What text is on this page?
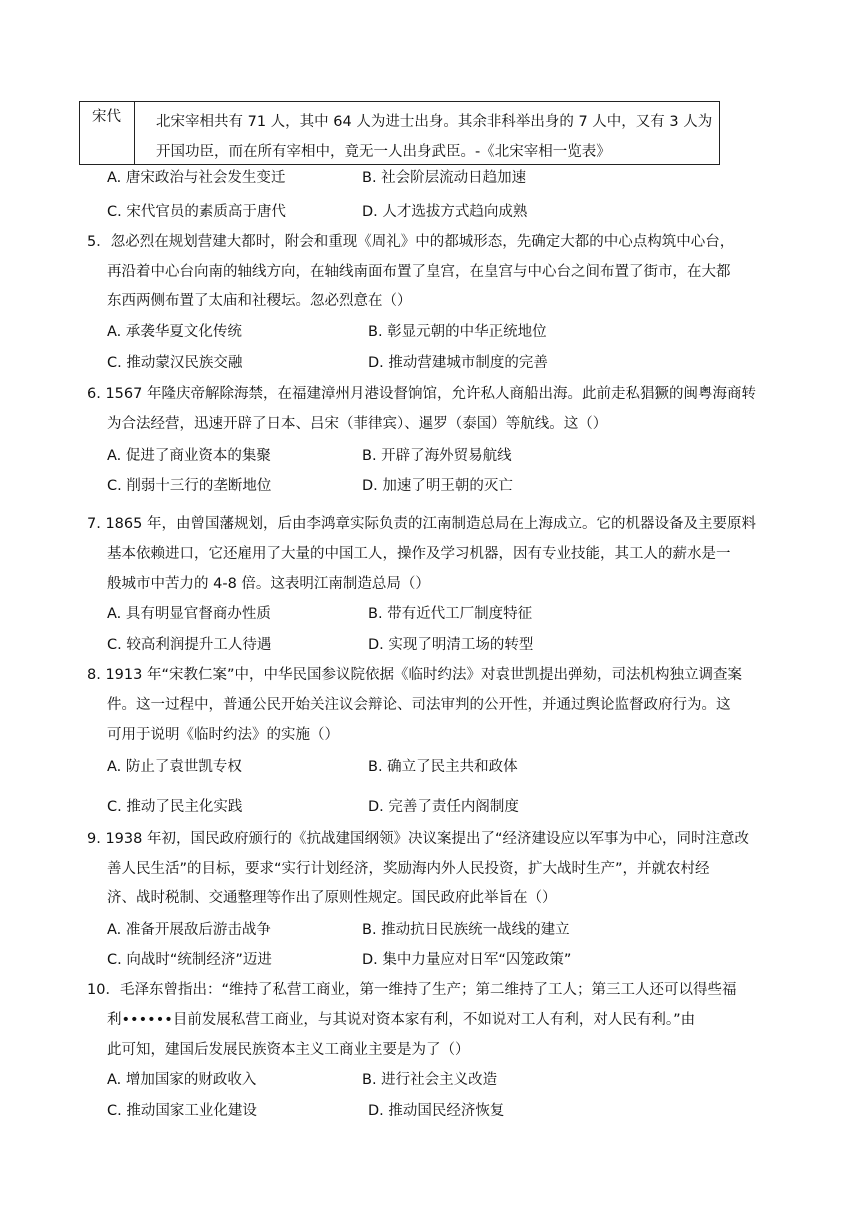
宋代	北宋宰相共有 71 人，其中 64 人为进士出身。其余非科举出身的 7 人中，又有 3 人为
开国功臣，而在所有宰相中，竟无一人出身武臣。-《北宋宰相一览表》
A. 唐宋政治与社会发生变迁	B. 社会阶层流动日趋加速
C. 宋代官员的素质高于唐代	D. 人才选拔方式趋向成熟
5．忽必烈在规划营建大都时，附会和重现《周礼》中的都城形态，先确定大都的中心点构筑中心台，
再沿着中心台向南的轴线方向，在轴线南面布置了皇宫，在皇宫与中心台之间布置了街市，在大都
东西两侧布置了太庙和社稷坛。忽必烈意在（）
A. 承袭华夏文化传统	B. 彰显元朝的中华正统地位
C. 推动蒙汉民族交融	D. 推动营建城市制度的完善
6. 1567 年隆庆帝解除海禁，在福建漳州月港设督饷馆，允许私人商船出海。此前走私猖獗的闽粤海商转
为合法经营，迅速开辟了日本、吕宋（菲律宾）、暹罗（泰国）等航线。这（）
A. 促进了商业资本的集聚	B. 开辟了海外贸易航线
C. 削弱十三行的垄断地位	D. 加速了明王朝的灭亡
7. 1865 年，由曾国藩规划，后由李鸿章实际负责的江南制造总局在上海成立。它的机器设备及主要原料
基本依赖进口，它还雇用了大量的中国工人，操作及学习机器，因有专业技能，其工人的薪水是一
般城市中苦力的 4-8 倍。这表明江南制造总局（）
A. 具有明显官督商办性质	B. 带有近代工厂制度特征
C. 较高利润提升工人待遇	D. 实现了明清工场的转型
8. 1913 年“宋教仁案”中，中华民国参议院依据《临时约法》对袁世凯提出弹劾，司法机构独立调查案
件。这一过程中，普通公民开始关注议会辩论、司法审判的公开性，并通过舆论监督政府行为。这
可用于说明《临时约法》的实施（）
A. 防止了袁世凯专权	B. 确立了民主共和政体
C. 推动了民主化实践	D. 完善了责任内阁制度
9. 1938 年初，国民政府颁行的《抗战建国纲领》决议案提出了“经济建设应以军事为中心，同时注意改
善人民生活”的目标，要求“实行计划经济，奖励海内外人民投资，扩大战时生产”，并就农村经
济、战时税制、交通整理等作出了原则性规定。国民政府此举旨在（）
A. 准备开展敌后游击战争	B. 推动抗日民族统一战线的建立
C. 向战时“统制经济”迈进	D. 集中力量应对日军“囚笼政策”
10．毛泽东曾指出：“维持了私营工商业，第一维持了生产；第二维持了工人；第三工人还可以得些福
利••••••目前发展私营工商业，与其说对资本家有利，不如说对工人有利，对人民有利。”由
此可知，建国后发展民族资本主义工商业主要是为了（）
A. 增加国家的财政收入	B. 进行社会主义改造
C. 推动国家工业化建设	D. 推动国民经济恢复
